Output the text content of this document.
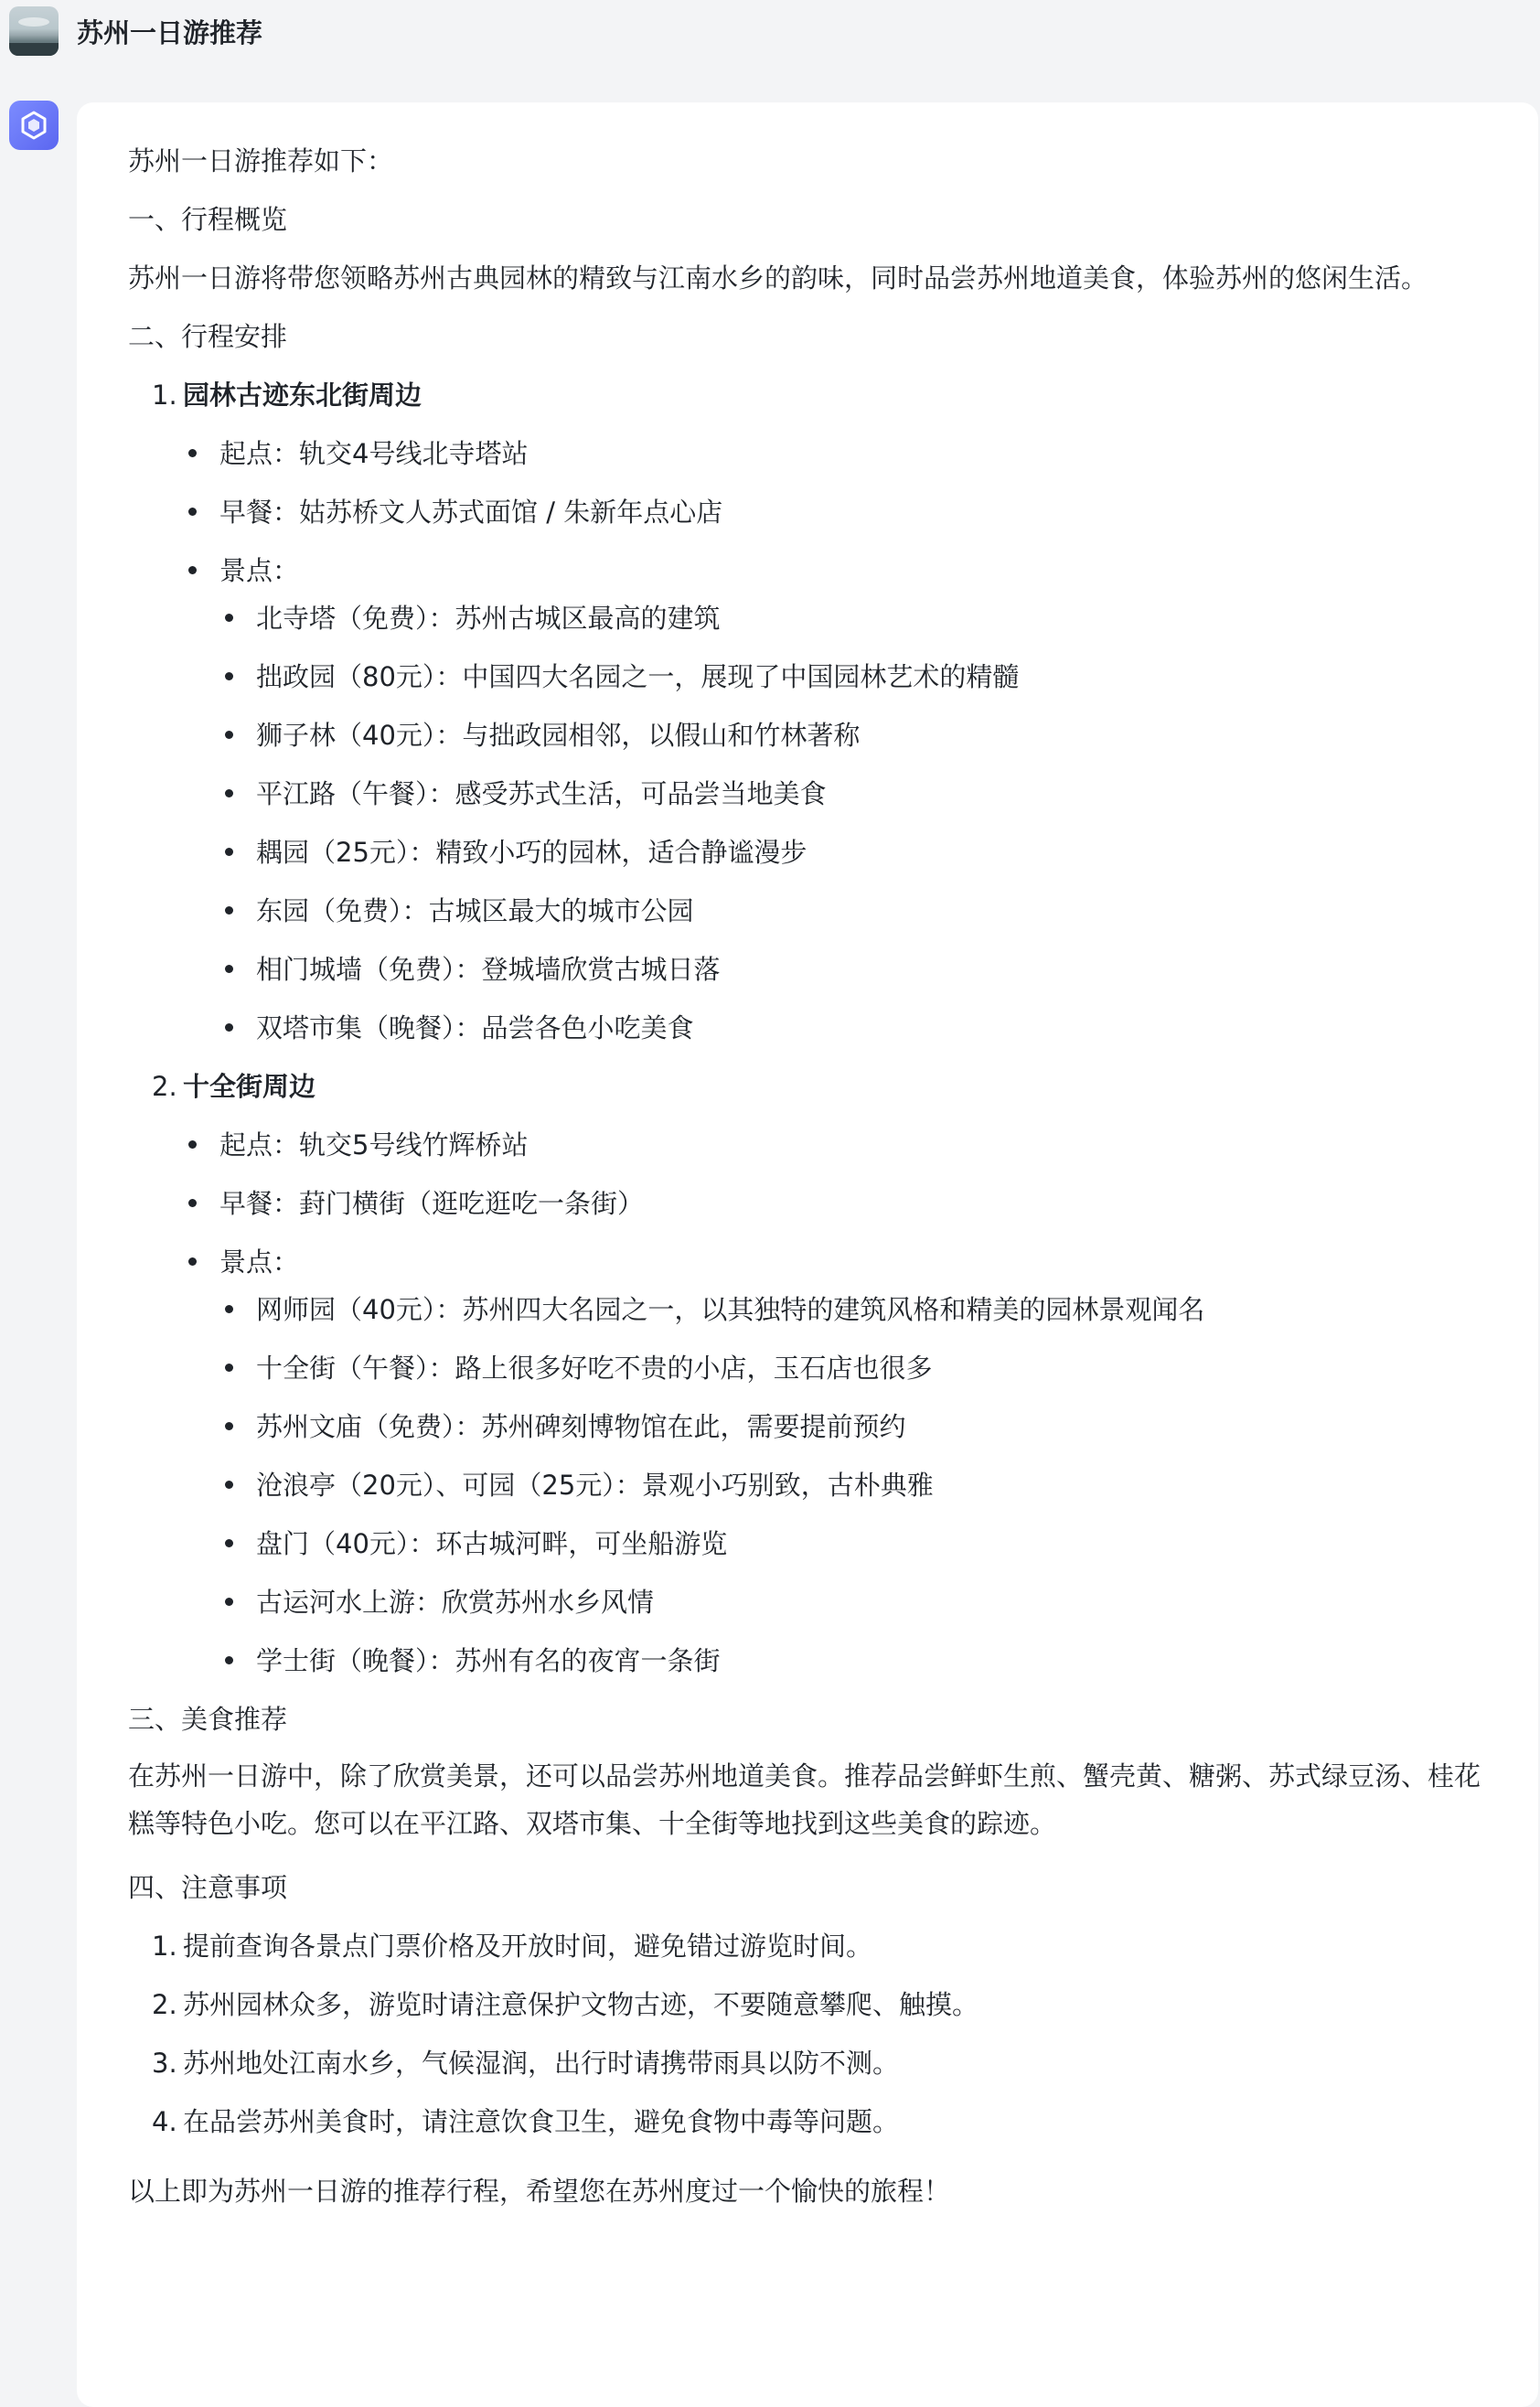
苏州一日游推荐

苏州一日游推荐如下：

一、行程概览

苏州一日游将带您领略苏州古典园林的精致与江南水乡的韵味，同时品尝苏州地道美食，体验苏州的悠闲生活。

二、行程安排

1. 园林古迹东北街周边
起点：轨交4号线北寺塔站
早餐：姑苏桥文人苏式面馆 / 朱新年点心店
景点：
北寺塔（免费）：苏州古城区最高的建筑
拙政园（80元）：中国四大名园之一，展现了中国园林艺术的精髓
狮子林（40元）：与拙政园相邻，以假山和竹林著称
平江路（午餐）：感受苏式生活，可品尝当地美食
耦园（25元）：精致小巧的园林，适合静谧漫步
东园（免费）：古城区最大的城市公园
相门城墙（免费）：登城墙欣赏古城日落
双塔市集（晚餐）：品尝各色小吃美食
2. 十全街周边
起点：轨交5号线竹辉桥站
早餐：葑门横街（逛吃逛吃一条街）
景点：
网师园（40元）：苏州四大名园之一，以其独特的建筑风格和精美的园林景观闻名
十全街（午餐）：路上很多好吃不贵的小店，玉石店也很多
苏州文庙（免费）：苏州碑刻博物馆在此，需要提前预约
沧浪亭（20元）、可园（25元）：景观小巧别致，古朴典雅
盘门（40元）：环古城河畔，可坐船游览
古运河水上游：欣赏苏州水乡风情
学士街（晚餐）：苏州有名的夜宵一条街

三、美食推荐

在苏州一日游中，除了欣赏美景，还可以品尝苏州地道美食。推荐品尝鲜虾生煎、蟹壳黄、糖粥、苏式绿豆汤、桂花糕等特色小吃。您可以在平江路、双塔市集、十全街等地找到这些美食的踪迹。

四、注意事项

1. 提前查询各景点门票价格及开放时间，避免错过游览时间。
2. 苏州园林众多，游览时请注意保护文物古迹，不要随意攀爬、触摸。
3. 苏州地处江南水乡，气候湿润，出行时请携带雨具以防不测。
4. 在品尝苏州美食时，请注意饮食卫生，避免食物中毒等问题。

以上即为苏州一日游的推荐行程，希望您在苏州度过一个愉快的旅程！
